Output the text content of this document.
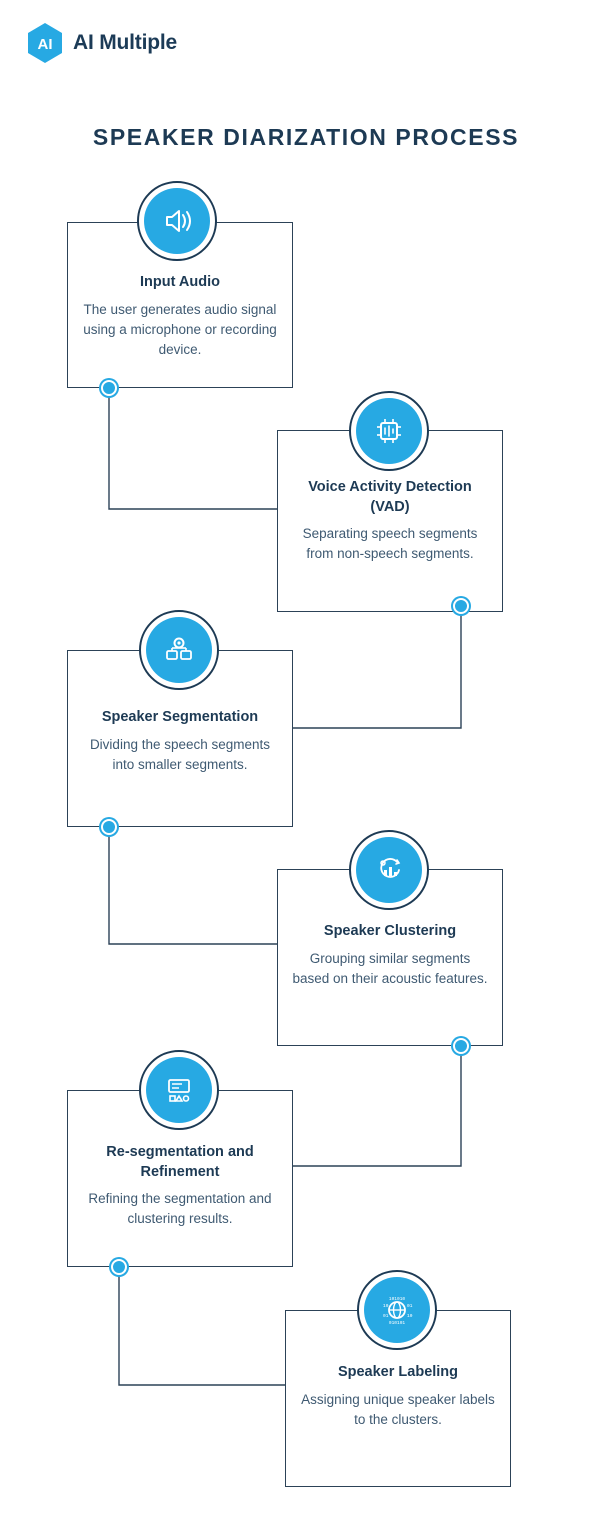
AI AI Multiple
SPEAKER DIARIZATION PROCESS
Input Audio
The user generates audio signal using a microphone or recording device.
Voice Activity Detection (VAD)
Separating speech segments from non-speech segments.
Speaker Segmentation
Dividing the speech segments into smaller segments.
Speaker Clustering
Grouping similar segments based on their acoustic features.
Re-segmentation and Refinement
Refining the segmentation and clustering results.
Speaker Labeling
Assigning unique speaker labels to the clusters.
101010
010101
10	01
01	10
